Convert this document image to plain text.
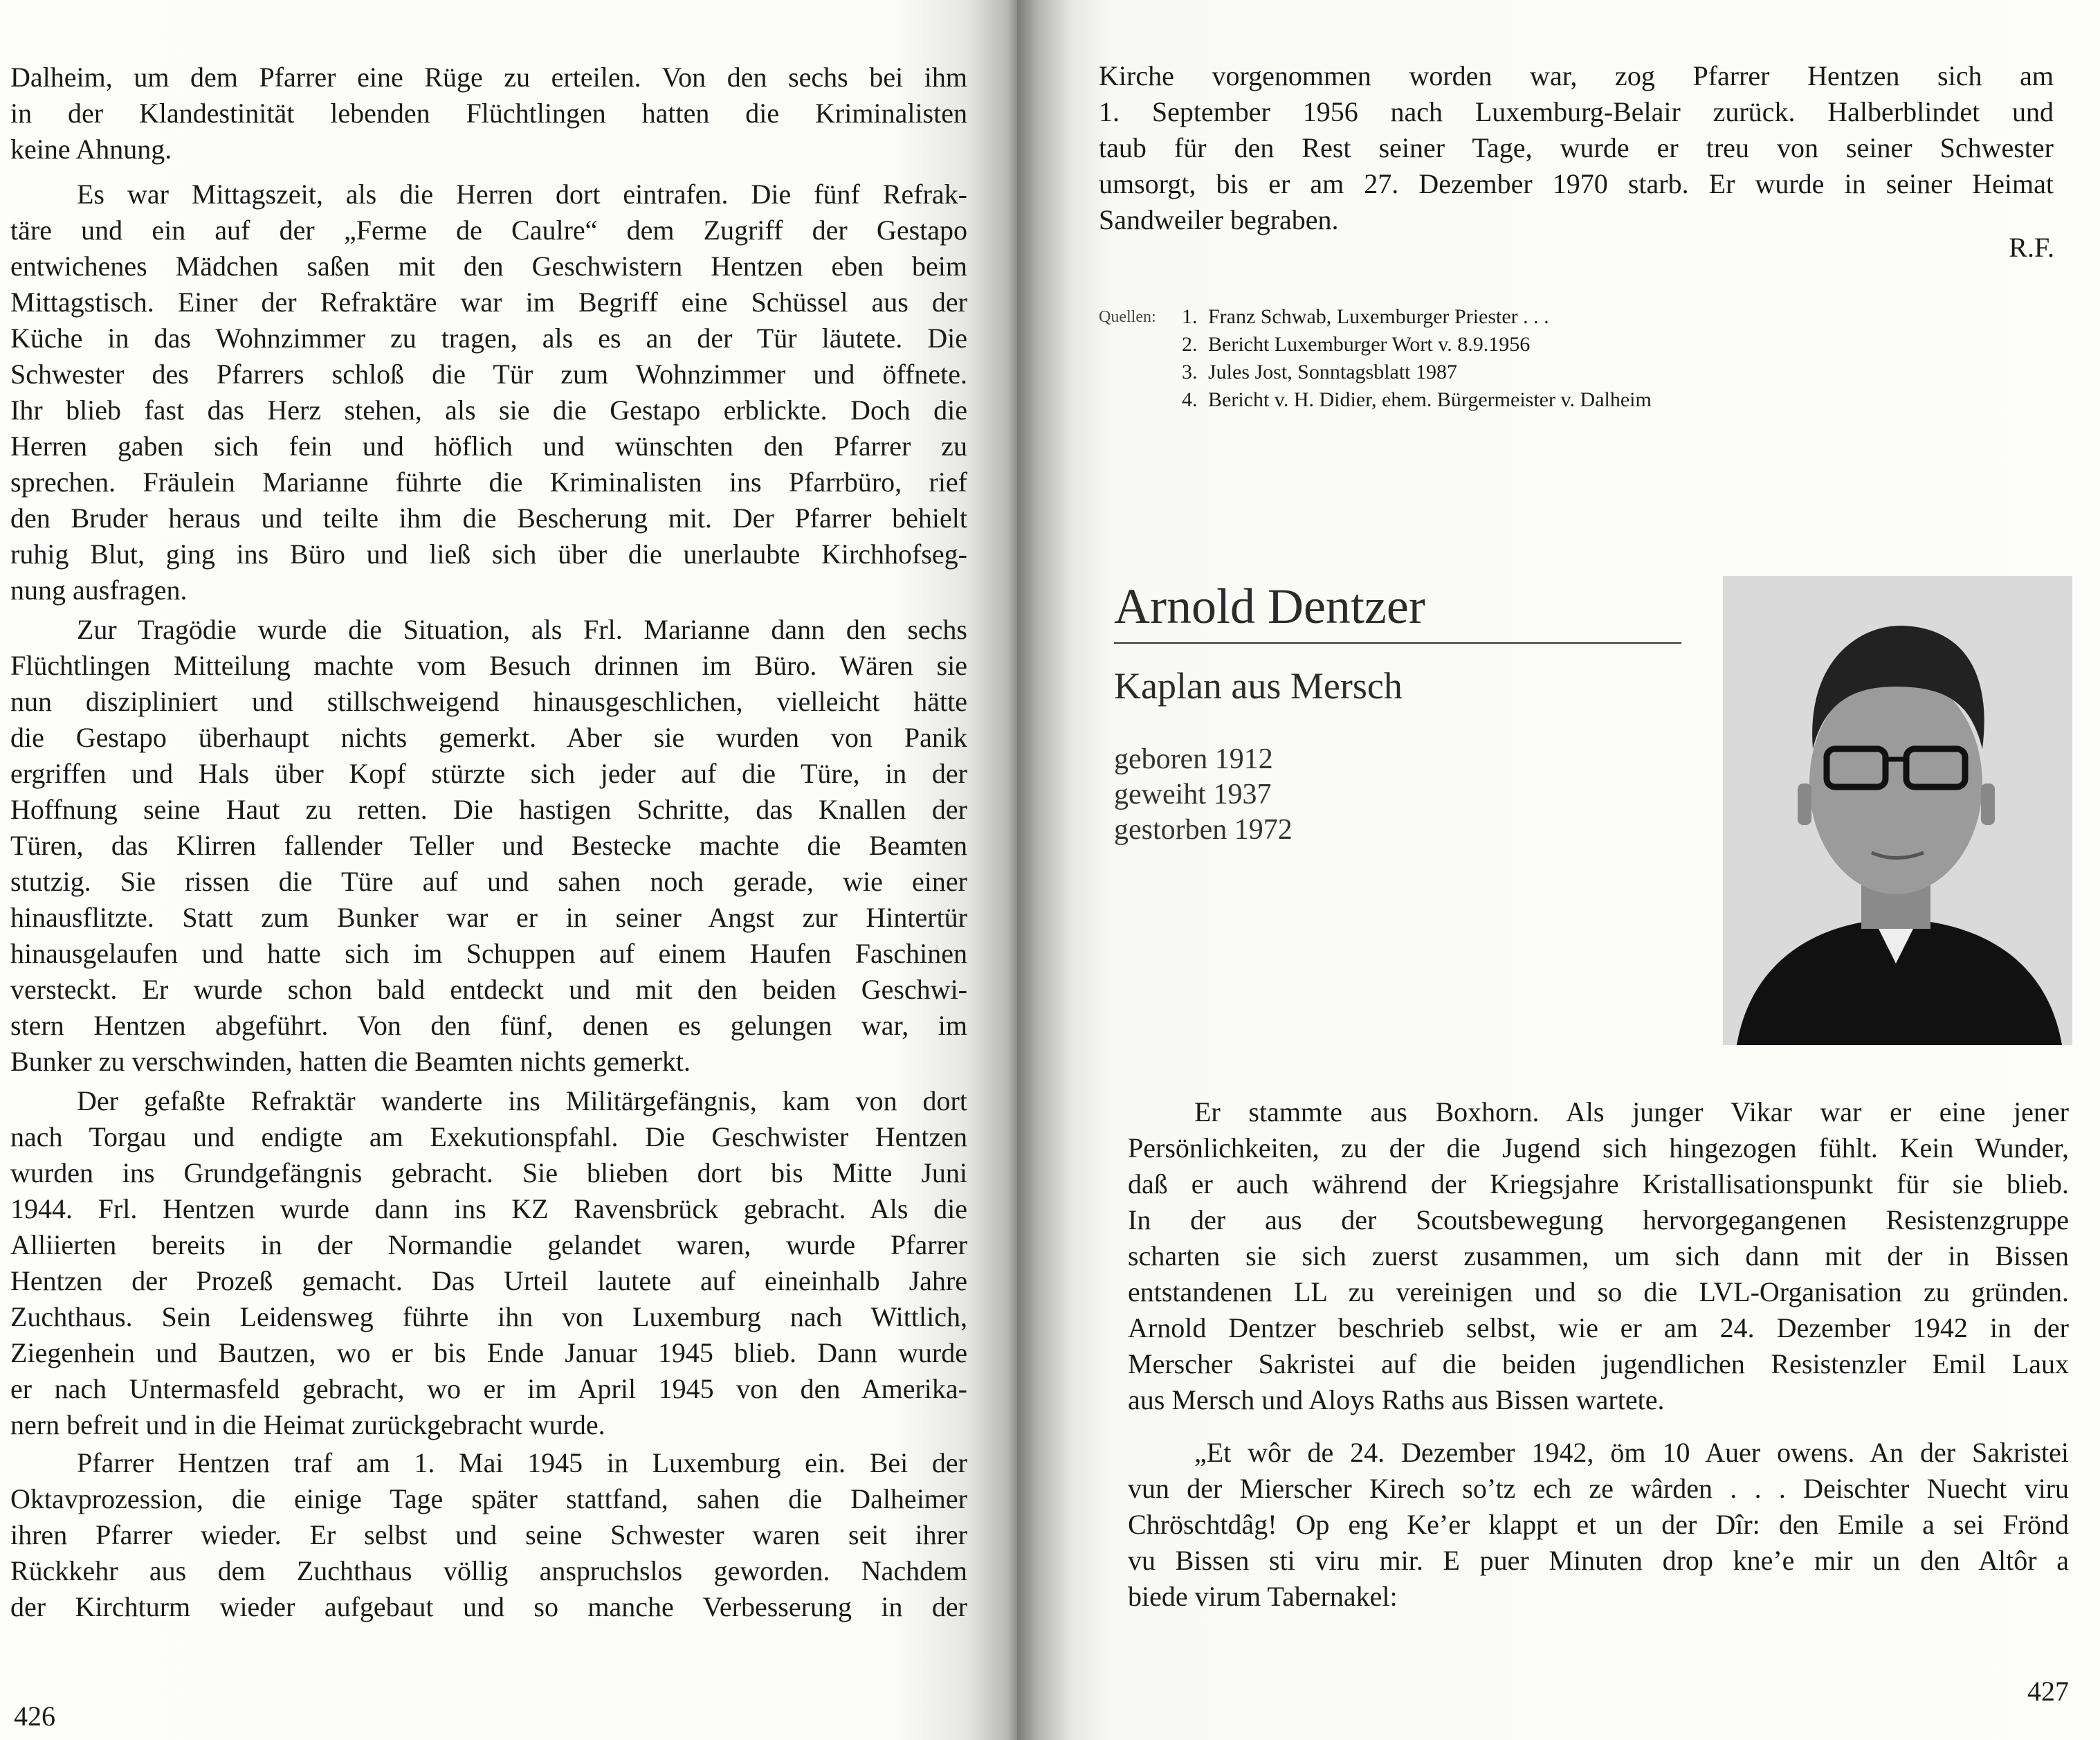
Dalheim, um dem Pfarrer eine Rüge zu erteilen. Von den sechs bei ihm
in der Klandestinität lebenden Flüchtlingen hatten die Kriminalisten
keine Ahnung.
Es war Mittagszeit, als die Herren dort eintrafen. Die fünf Refrak-
täre und ein auf der „Ferme de Caulre“ dem Zugriff der Gestapo
entwichenes Mädchen saßen mit den Geschwistern Hentzen eben beim
Mittagstisch. Einer der Refraktäre war im Begriff eine Schüssel aus der
Küche in das Wohnzimmer zu tragen, als es an der Tür läutete. Die
Schwester des Pfarrers schloß die Tür zum Wohnzimmer und öffnete.
Ihr blieb fast das Herz stehen, als sie die Gestapo erblickte. Doch die
Herren gaben sich fein und höflich und wünschten den Pfarrer zu
sprechen. Fräulein Marianne führte die Kriminalisten ins Pfarrbüro, rief
den Bruder heraus und teilte ihm die Bescherung mit. Der Pfarrer behielt
ruhig Blut, ging ins Büro und ließ sich über die unerlaubte Kirchhofseg-
nung ausfragen.
Zur Tragödie wurde die Situation, als Frl. Marianne dann den sechs
Flüchtlingen Mitteilung machte vom Besuch drinnen im Büro. Wären sie
nun diszipliniert und stillschweigend hinausgeschlichen, vielleicht hätte
die Gestapo überhaupt nichts gemerkt. Aber sie wurden von Panik
ergriffen und Hals über Kopf stürzte sich jeder auf die Türe, in der
Hoffnung seine Haut zu retten. Die hastigen Schritte, das Knallen der
Türen, das Klirren fallender Teller und Bestecke machte die Beamten
stutzig. Sie rissen die Türe auf und sahen noch gerade, wie einer
hinausflitzte. Statt zum Bunker war er in seiner Angst zur Hintertür
hinausgelaufen und hatte sich im Schuppen auf einem Haufen Faschinen
versteckt. Er wurde schon bald entdeckt und mit den beiden Geschwi-
stern Hentzen abgeführt. Von den fünf, denen es gelungen war, im
Bunker zu verschwinden, hatten die Beamten nichts gemerkt.
Der gefaßte Refraktär wanderte ins Militärgefängnis, kam von dort
nach Torgau und endigte am Exekutionspfahl. Die Geschwister Hentzen
wurden ins Grundgefängnis gebracht. Sie blieben dort bis Mitte Juni
1944. Frl. Hentzen wurde dann ins KZ Ravensbrück gebracht. Als die
Alliierten bereits in der Normandie gelandet waren, wurde Pfarrer
Hentzen der Prozeß gemacht. Das Urteil lautete auf eineinhalb Jahre
Zuchthaus. Sein Leidensweg führte ihn von Luxemburg nach Wittlich,
Ziegenhein und Bautzen, wo er bis Ende Januar 1945 blieb. Dann wurde
er nach Untermasfeld gebracht, wo er im April 1945 von den Amerika-
nern befreit und in die Heimat zurückgebracht wurde.
Pfarrer Hentzen traf am 1. Mai 1945 in Luxemburg ein. Bei der
Oktavprozession, die einige Tage später stattfand, sahen die Dalheimer
ihren Pfarrer wieder. Er selbst und seine Schwester waren seit ihrer
Rückkehr aus dem Zuchthaus völlig anspruchslos geworden. Nachdem
der Kirchturm wieder aufgebaut und so manche Verbesserung in der
426
Kirche vorgenommen worden war, zog Pfarrer Hentzen sich am
1. September 1956 nach Luxemburg-Belair zurück. Halberblindet und
taub für den Rest seiner Tage, wurde er treu von seiner Schwester
umsorgt, bis er am 27. Dezember 1970 starb. Er wurde in seiner Heimat
Sandweiler begraben.
R.F.
Quellen:	1. Franz Schwab, Luxemburger Priester . . .
2. Bericht Luxemburger Wort v. 8.9.1956
3. Jules Jost, Sonntagsblatt 1987
4. Bericht v. H. Didier, ehem. Bürgermeister v. Dalheim
Arnold Dentzer
Kaplan aus Mersch
geboren 1912
geweiht 1937
gestorben 1972
Er stammte aus Boxhorn. Als junger Vikar war er eine jener
Persönlichkeiten, zu der die Jugend sich hingezogen fühlt. Kein Wunder,
daß er auch während der Kriegsjahre Kristallisationspunkt für sie blieb.
In der aus der Scoutsbewegung hervorgegangenen Resistenzgruppe
scharten sie sich zuerst zusammen, um sich dann mit der in Bissen
entstandenen LL zu vereinigen und so die LVL-Organisation zu gründen.
Arnold Dentzer beschrieb selbst, wie er am 24. Dezember 1942 in der
Merscher Sakristei auf die beiden jugendlichen Resistenzler Emil Laux
aus Mersch und Aloys Raths aus Bissen wartete.
„Et wôr de 24. Dezember 1942, öm 10 Auer owens. An der Sakristei
vun der Mierscher Kirech so’tz ech ze wârden . . . Deischter Nuecht viru
Chröschtdâg! Op eng Ke’er klappt et un der Dîr: den Emile a sei Frönd
vu Bissen sti viru mir. E puer Minuten drop kne’e mir un den Altôr a
biede virum Tabernakel:
427
